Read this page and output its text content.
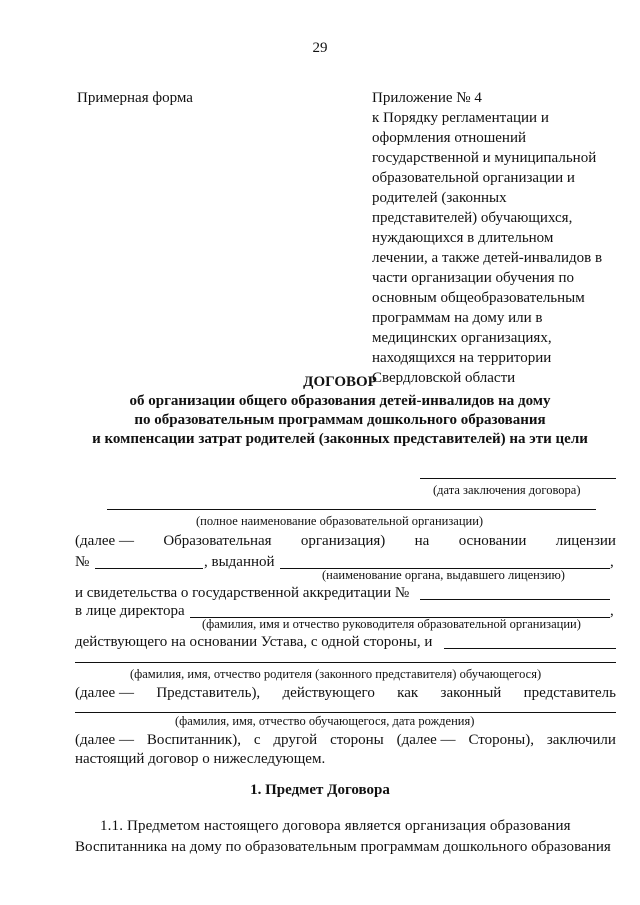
29
Примерная форма	Приложение № 4
к Порядку регламентации и
оформления отношений
государственной и муниципальной
образовательной организации и
родителей (законных
представителей) обучающихся,
нуждающихся в длительном
лечении, а также детей-инвалидов в
части организации обучения по
основным общеобразовательным
программам на дому или в
медицинских организациях,
находящихся на территории
Свердловской области
ДОГОВОР
об организации общего образования детей-инвалидов на дому
по образовательным программам дошкольного образования
и компенсации затрат родителей (законных представителей) на эти цели
(дата заключения договора)
(полное наименование образовательной организации)
(далее — Образовательная организация) на основании лицензии
№	, выданной	,
(наименование органа, выдавшего лицензию)
и свидетельства о государственной аккредитации №
в лице директора	,
(фамилия, имя и отчество руководителя образовательной организации)
действующего на основании Устава, с одной стороны, и
(фамилия, имя, отчество родителя (законного представителя) обучающегося)
(далее — Представитель), действующего как законный представитель
(фамилия, имя, отчество обучающегося, дата рождения)
(далее — Воспитанник), с другой стороны (далее — Стороны), заключили
настоящий договор о нижеследующем.
1. Предмет Договора
1.1. Предметом настоящего договора является организация образования
Воспитанника на дому по образовательным программам дошкольного образования
